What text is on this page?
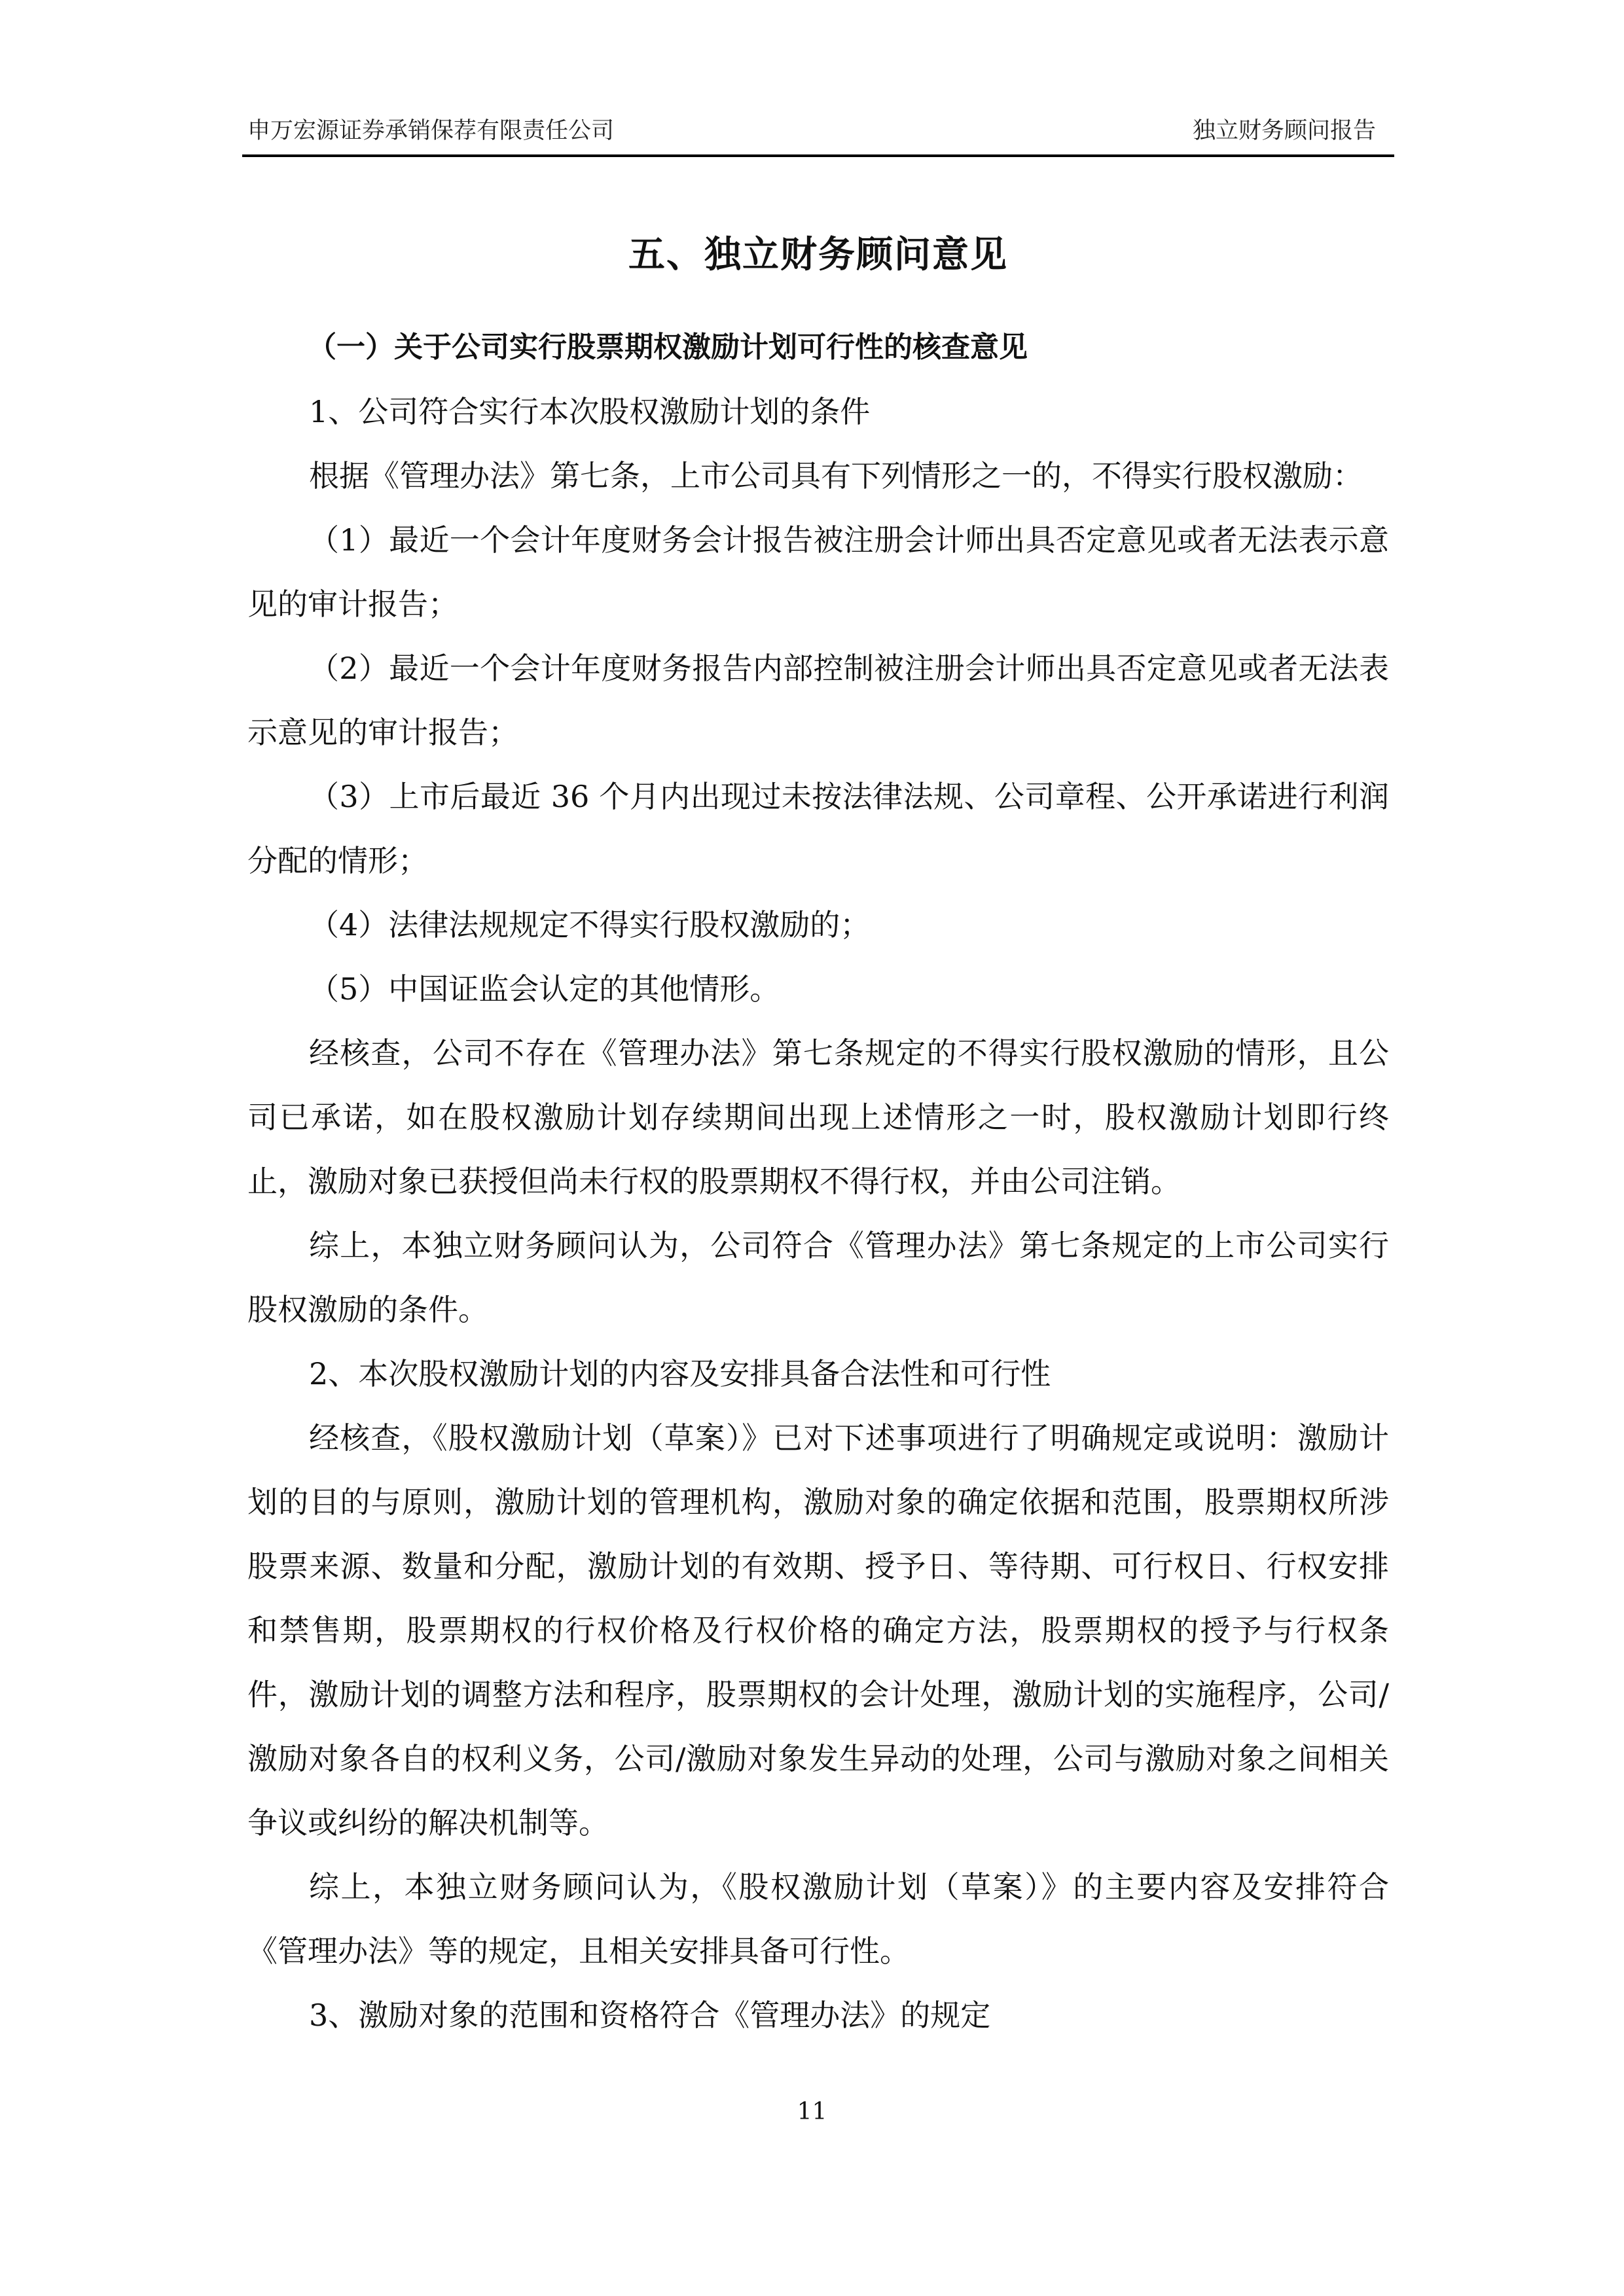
申万宏源证券承销保荐有限责任公司	独立财务顾问报告
五、独立财务顾问意见
（一）关于公司实行股票期权激励计划可行性的核查意见

1、公司符合实行本次股权激励计划的条件

根据《管理办法》第七条，上市公司具有下列情形之一的，不得实行股权激励：

（1）最近一个会计年度财务会计报告被注册会计师出具否定意见或者无法表示意见的审计报告；

（2）最近一个会计年度财务报告内部控制被注册会计师出具否定意见或者无法表示意见的审计报告；

（3）上市后最近 36 个月内出现过未按法律法规、公司章程、公开承诺进行利润分配的情形；

（4）法律法规规定不得实行股权激励的；

（5）中国证监会认定的其他情形。

经核查，公司不存在《管理办法》第七条规定的不得实行股权激励的情形，且公司已承诺，如在股权激励计划存续期间出现上述情形之一时，股权激励计划即行终止，激励对象已获授但尚未行权的股票期权不得行权，并由公司注销。

综上，本独立财务顾问认为，公司符合《管理办法》第七条规定的上市公司实行股权激励的条件。

2、本次股权激励计划的内容及安排具备合法性和可行性

经核查，《股权激励计划（草案）》已对下述事项进行了明确规定或说明：激励计划的目的与原则，激励计划的管理机构，激励对象的确定依据和范围，股票期权所涉股票来源、数量和分配，激励计划的有效期、授予日、等待期、可行权日、行权安排和禁售期，股票期权的行权价格及行权价格的确定方法，股票期权的授予与行权条件，激励计划的调整方法和程序，股票期权的会计处理，激励计划的实施程序，公司/激励对象各自的权利义务，公司/激励对象发生异动的处理，公司与激励对象之间相关争议或纠纷的解决机制等。

综上，本独立财务顾问认为，《股权激励计划（草案）》的主要内容及安排符合《管理办法》等的规定，且相关安排具备可行性。

3、激励对象的范围和资格符合《管理办法》的规定

11
